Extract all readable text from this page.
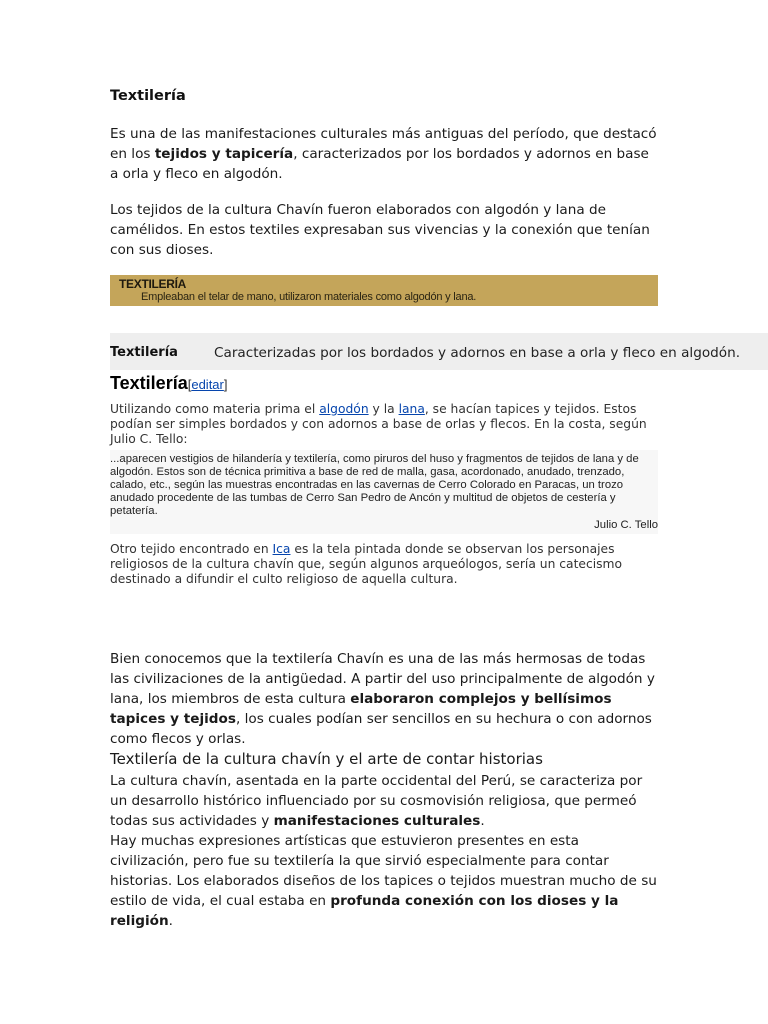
Textilería
Es una de las manifestaciones culturales más antiguas del período, que destacó en los tejidos y tapicería, caracterizados por los bordados y adornos en base a orla y fleco en algodón.
Los tejidos de la cultura Chavín fueron elaborados con algodón y lana de camélidos. En estos textiles expresaban sus vivencias y la conexión que tenían con sus dioses.
TEXTILERÍA
Empleaban el telar de mano, utilizaron materiales como algodón y lana.
Textilería	Caracterizadas por los bordados y adornos en base a orla y fleco en algodón.
Textilería[editar]
Utilizando como materia prima el algodón y la lana, se hacían tapices y tejidos. Estos podían ser simples bordados y con adornos a base de orlas y flecos. En la costa, según Julio C. Tello:
...aparecen vestigios de hilandería y textilería, como piruros del huso y fragmentos de tejidos de lana y de algodón. Estos son de técnica primitiva a base de red de malla, gasa, acordonado, anudado, trenzado, calado, etc., según las muestras encontradas en las cavernas de Cerro Colorado en Paracas, un trozo anudado procedente de las tumbas de Cerro San Pedro de Ancón y multitud de objetos de cestería y petatería.
Julio C. Tello
Otro tejido encontrado en Ica es la tela pintada donde se observan los personajes religiosos de la cultura chavín que, según algunos arqueólogos, sería un catecismo destinado a difundir el culto religioso de aquella cultura.
Bien conocemos que la textilería Chavín es una de las más hermosas de todas las civilizaciones de la antigüedad. A partir del uso principalmente de algodón y lana, los miembros de esta cultura elaboraron complejos y bellísimos tapices y tejidos, los cuales podían ser sencillos en su hechura o con adornos como flecos y orlas.
Textilería de la cultura chavín y el arte de contar historias
La cultura chavín, asentada en la parte occidental del Perú, se caracteriza por un desarrollo histórico influenciado por su cosmovisión religiosa, que permeó todas sus actividades y manifestaciones culturales.
Hay muchas expresiones artísticas que estuvieron presentes en esta civilización, pero fue su textilería la que sirvió especialmente para contar historias. Los elaborados diseños de los tapices o tejidos muestran mucho de su estilo de vida, el cual estaba en profunda conexión con los dioses y la religión.
